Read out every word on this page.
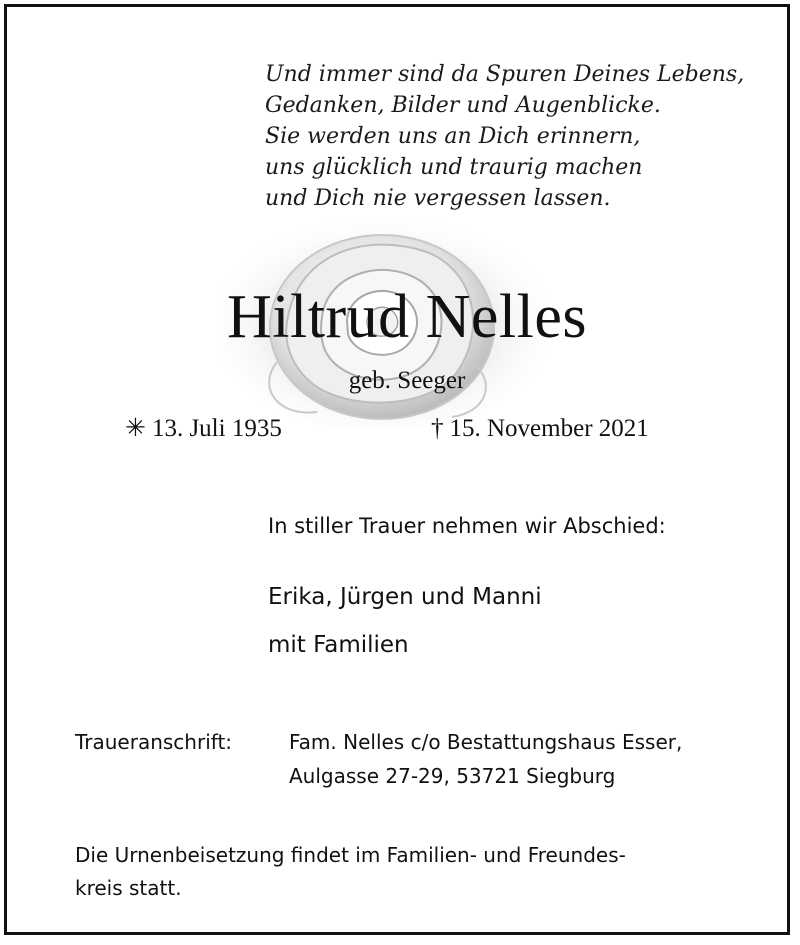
Und immer sind da Spuren Deines Lebens,
Gedanken, Bilder und Augenblicke.
Sie werden uns an Dich erinnern,
uns glücklich und traurig machen
und Dich nie vergessen lassen.
Hiltrud Nelles
geb. Seeger
✳ 13. Juli 1935	† 15. November 2021
In stiller Trauer nehmen wir Abschied:
Erika, Jürgen und Manni
mit Familien
Traueranschrift:	Fam. Nelles c/o Bestattungshaus Esser,
Aulgasse 27-29, 53721 Siegburg
Die Urnenbeisetzung findet im Familien- und Freundes-
kreis statt.
